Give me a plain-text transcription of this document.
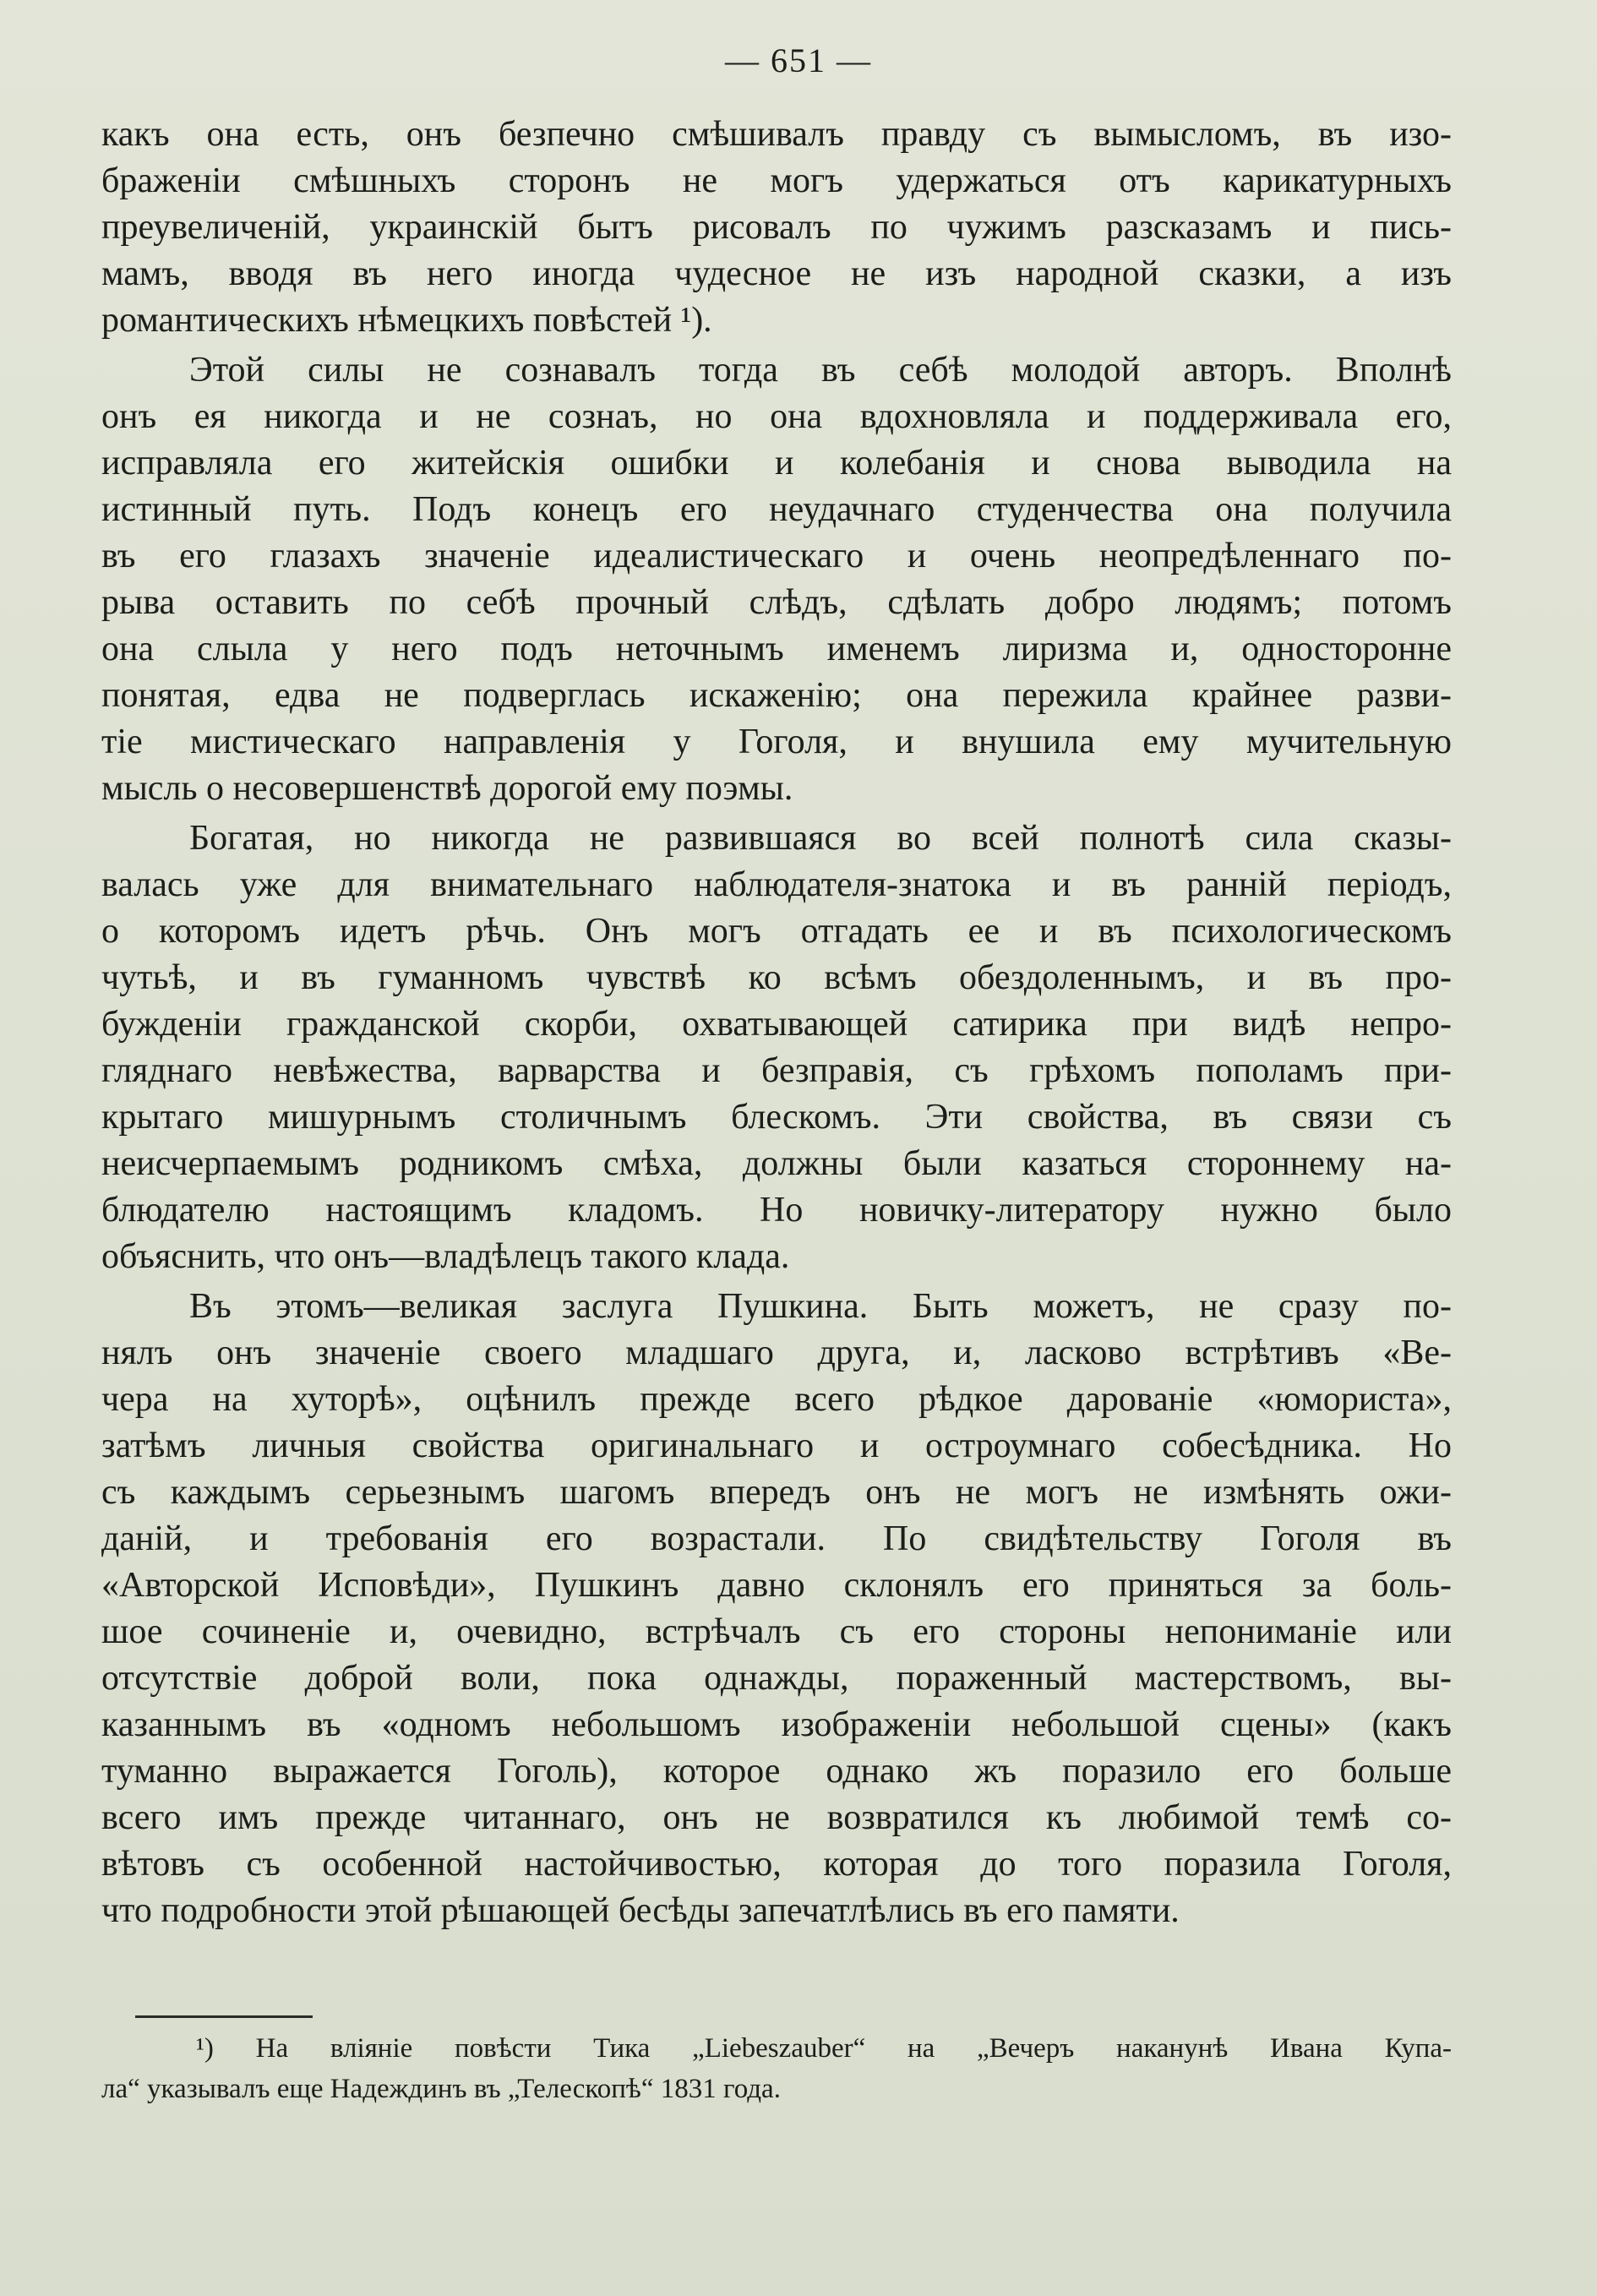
— 651 —
какъ она есть, онъ безпечно смѣшивалъ правду съ вымысломъ, въ изо-
браженіи смѣшныхъ сторонъ не могъ удержаться отъ карикатурныхъ
преувеличеній, украинскій бытъ рисовалъ по чужимъ разсказамъ и пись-
мамъ, вводя въ него иногда чудесное не изъ народной сказки, а изъ
романтическихъ нѣмецкихъ повѣстей ¹).
Этой силы не сознавалъ тогда въ себѣ молодой авторъ. Вполнѣ
онъ ея никогда и не сознаъ, но она вдохновляла и поддерживала его,
исправляла его житейскія ошибки и колебанія и снова выводила на
истинный путь. Подъ конецъ его неудачнаго студенчества она получила
въ его глазахъ значеніе идеалистическаго и очень неопредѣленнаго по-
рыва оставить по себѣ прочный слѣдъ, сдѣлать добро людямъ; потомъ
она слыла у него подъ неточнымъ именемъ лиризма и, односторонне
понятая, едва не подверглась искаженію; она пережила крайнее разви-
тіе мистическаго направленія у Гоголя, и внушила ему мучительную
мысль о несовершенствѣ дорогой ему поэмы.
Богатая, но никогда не развившаяся во всей полнотѣ сила сказы-
валась уже для внимательнаго наблюдателя-знатока и въ раннiй періодъ,
о которомъ идетъ рѣчь. Онъ могъ отгадать ее и въ психологическомъ
чутьѣ, и въ гуманномъ чувствѣ ко всѣмъ обездоленнымъ, и въ про-
бужденіи гражданской скорби, охватывающей сатирика при видѣ непро-
гляднаго невѣжества, варварства и безправія, съ грѣхомъ пополамъ при-
крытаго мишурнымъ столичнымъ блескомъ. Эти свойства, въ связи съ
неисчерпаемымъ родникомъ смѣха, должны были казаться стороннему на-
блюдателю настоящимъ кладомъ. Но новичку-литератору нужно было
объяснить, что онъ—владѣлецъ такого клада.
Въ этомъ—великая заслуга Пушкина. Быть можетъ, не сразу по-
нялъ онъ значеніе своего младшаго друга, и, ласково встрѣтивъ «Ве-
чера на хуторѣ», оцѣнилъ прежде всего рѣдкое дарованіе «юмориста»,
затѣмъ личныя свойства оригинальнаго и остроумнаго собесѣдника. Но
съ каждымъ серьезнымъ шагомъ впередъ онъ не могъ не измѣнять ожи-
даній, и требованія его возрастали. По свидѣтельству Гоголя въ
«Авторской Исповѣди», Пушкинъ давно склонялъ его приняться за боль-
шое сочиненіе и, очевидно, встрѣчалъ съ его стороны непониманіе или
отсутствіе доброй воли, пока однажды, пораженный мастерствомъ, вы-
казаннымъ въ «одномъ небольшомъ изображеніи небольшой сцены» (какъ
туманно выражается Гоголь), которое однако жъ поразило его больше
всего имъ прежде читаннаго, онъ не возвратился къ любимой темѣ со-
вѣтовъ съ особенной настойчивостью, которая до того поразила Гоголя,
что подробности этой рѣшающей бесѣды запечатлѣлись въ его памяти.
¹) На вліяніе повѣсти Тика „Liebeszauber“ на „Вечеръ наканунѣ Ивана Купа-
ла“ указывалъ еще Надеждинъ въ „Телескопѣ“ 1831 года.
